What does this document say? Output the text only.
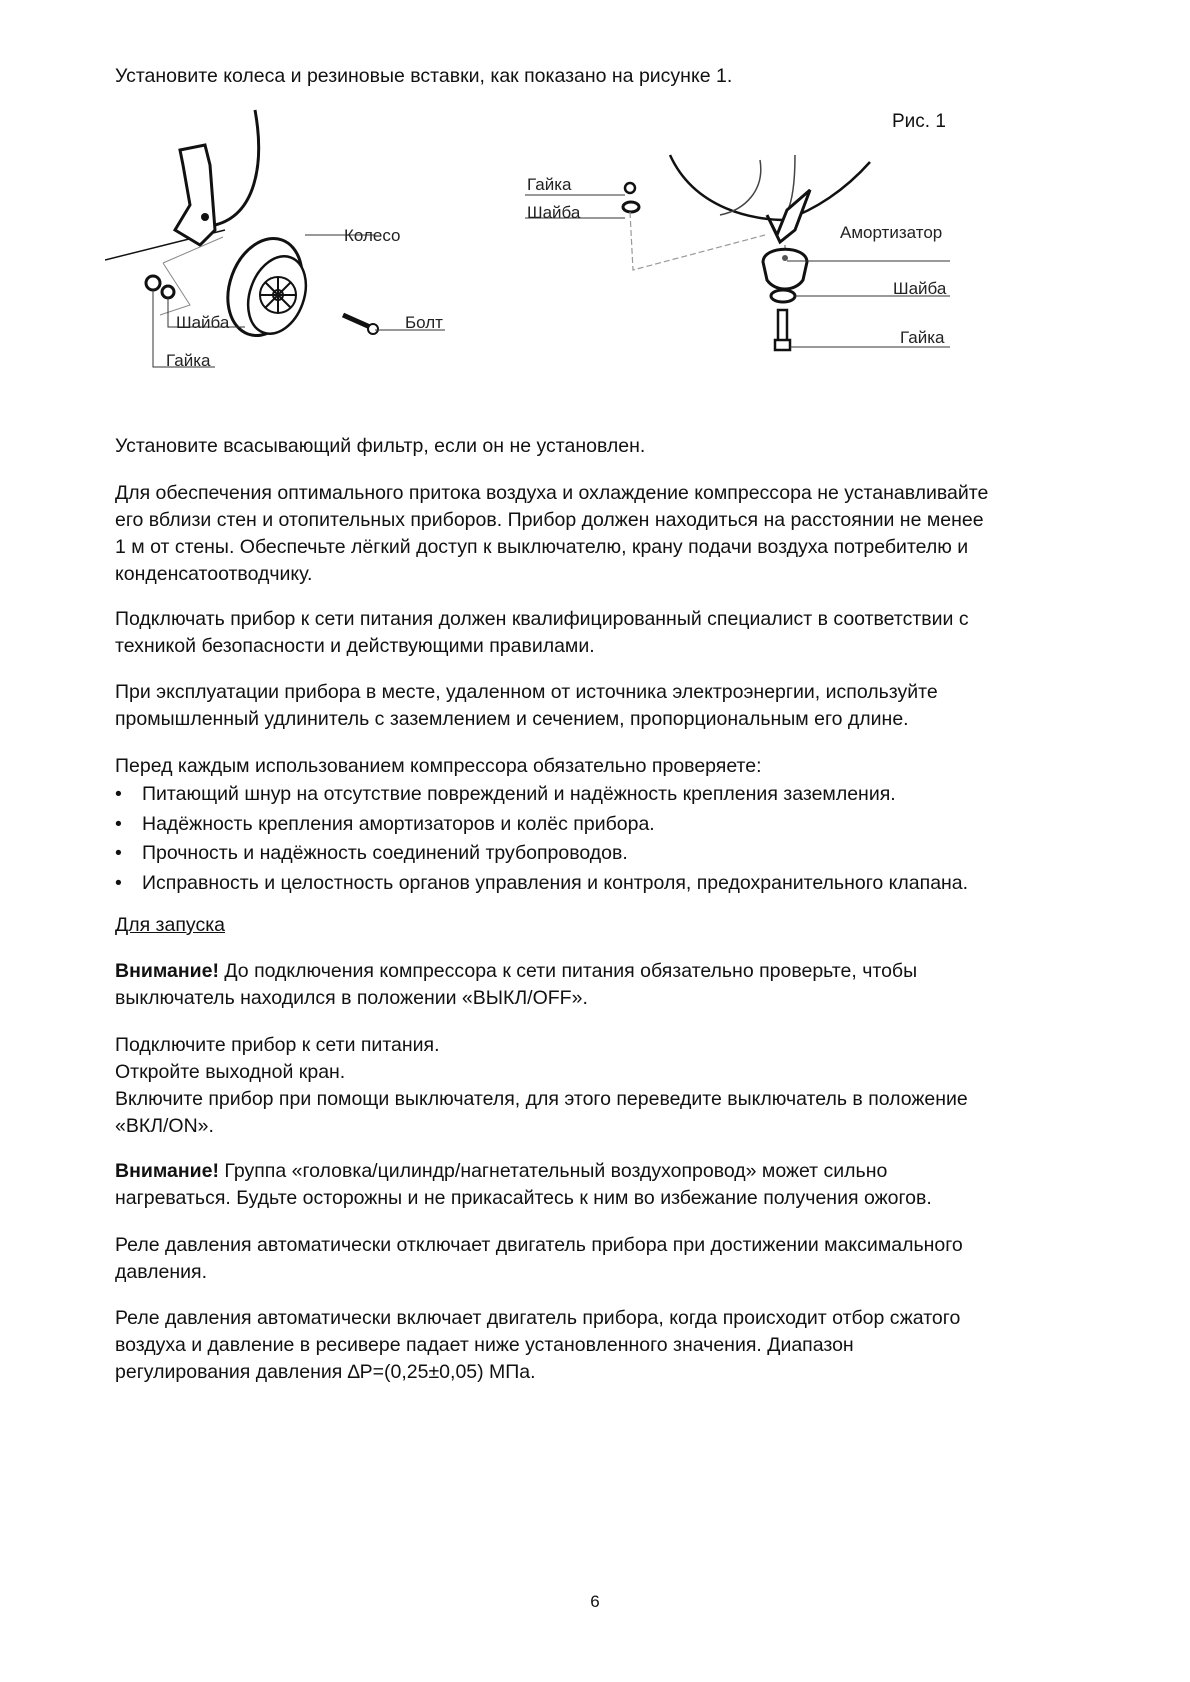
Установите колеса и резиновые вставки, как показано на рисунке 1.

Колесо
Шайба	Болт
Гайка
Рис. 1
Гайка
Шайба
Амортизатор
Шайба
Гайка

Установите всасывающий фильтр, если он не установлен.

Для обеспечения оптимального притока воздуха и охлаждение компрессора не устанавливайте

его вблизи стен и отопительных приборов. Прибор должен находиться на расстоянии не менее

1 м от стены. Обеспечьте лёгкий доступ к выключателю, крану подачи воздуха потребителю и

конденсатоотводчику.

Подключать прибор к сети питания должен квалифицированный специалист в соответствии с

техникой безопасности и действующими правилами.

При эксплуатации прибора в месте, удаленном от источника электроэнергии, используйте

промышленный удлинитель с заземлением и сечением, пропорциональным его длине.

Перед каждым использованием компрессора обязательно проверяете:

• Питающий шнур на отсутствие повреждений и надёжность крепления заземления.
• Надёжность крепления амортизаторов и колёс прибора.
• Прочность и надёжность соединений трубопроводов.
• Исправность и целостность органов управления и контроля, предохранительного клапана.

Для запуска

Внимание! До подключения компрессора к сети питания обязательно проверьте, чтобы

выключатель находился в положении «ВЫКЛ/OFF».

Подключите прибор к сети питания.

Откройте выходной кран.

Включите прибор при помощи выключателя, для этого переведите выключатель в положение

«ВКЛ/ON».

Внимание! Группа «головка/цилиндр/нагнетательный воздухопровод» может сильно

нагреваться. Будьте осторожны и не прикасайтесь к ним во избежание получения ожогов.

Реле давления автоматически отключает двигатель прибора при достижении максимального

давления.

Реле давления автоматически включает двигатель прибора, когда происходит отбор сжатого

воздуха и давление в ресивере падает ниже установленного значения. Диапазон

регулирования давления ∆P=(0,25±0,05) МПа.

6
